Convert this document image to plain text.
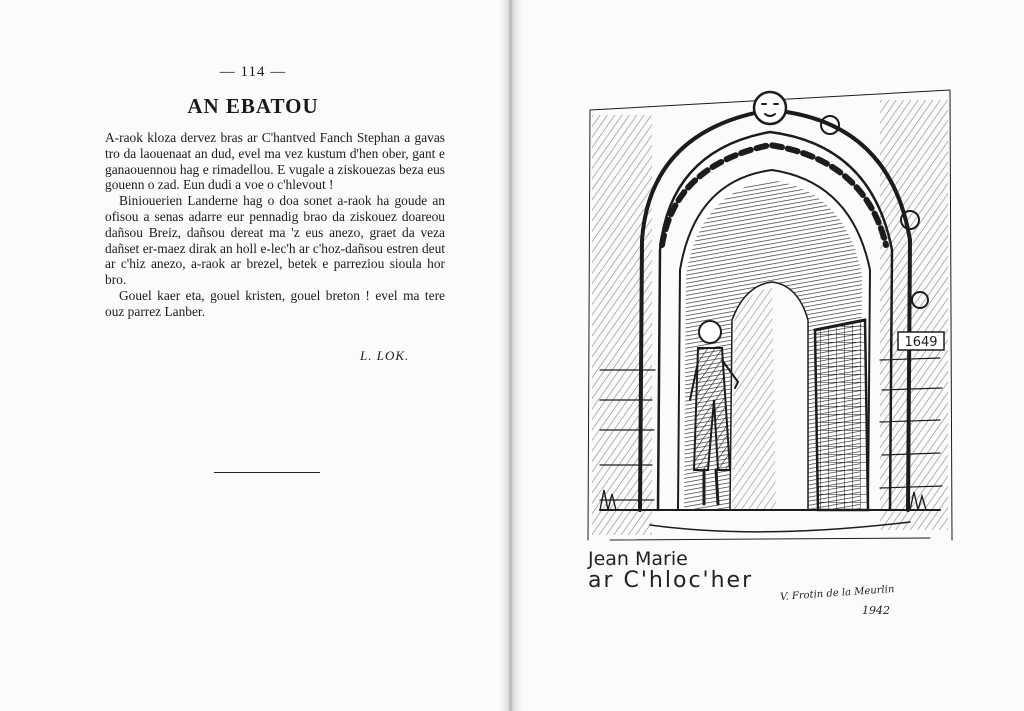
— 114 —
AN EBATOU

A-raok kloza dervez bras ar C'hantved Fanch Stephan a gavas tro da laouenaat an dud, evel ma vez kustum d'hen ober, gant e ganaouennou hag e rimadellou. E vugale a ziskouezas beza eus gouenn o zad. Eun dudi a voe o c'hlevout !

Biniouerien Landerne hag o doa sonet a-raok ha goude an ofisou a senas adarre eur pennadig brao da ziskouez doareou dañsou Breiz, dañsou dereat ma 'z eus anezo, graet da veza dañset er-maez dirak an holl e-lec'h ar c'hoz-dañsou estren deut ar c'hiz anezo, a-raok ar brezel, betek e parreziou sioula hor bro.

Gouel kaer eta, gouel kristen, gouel breton ! evel ma tere ouz parrez Lanber.

L. LOK.
1649
Jean Marie
ar C'hloc'her
V. Frotin de la Meurlin
1942
